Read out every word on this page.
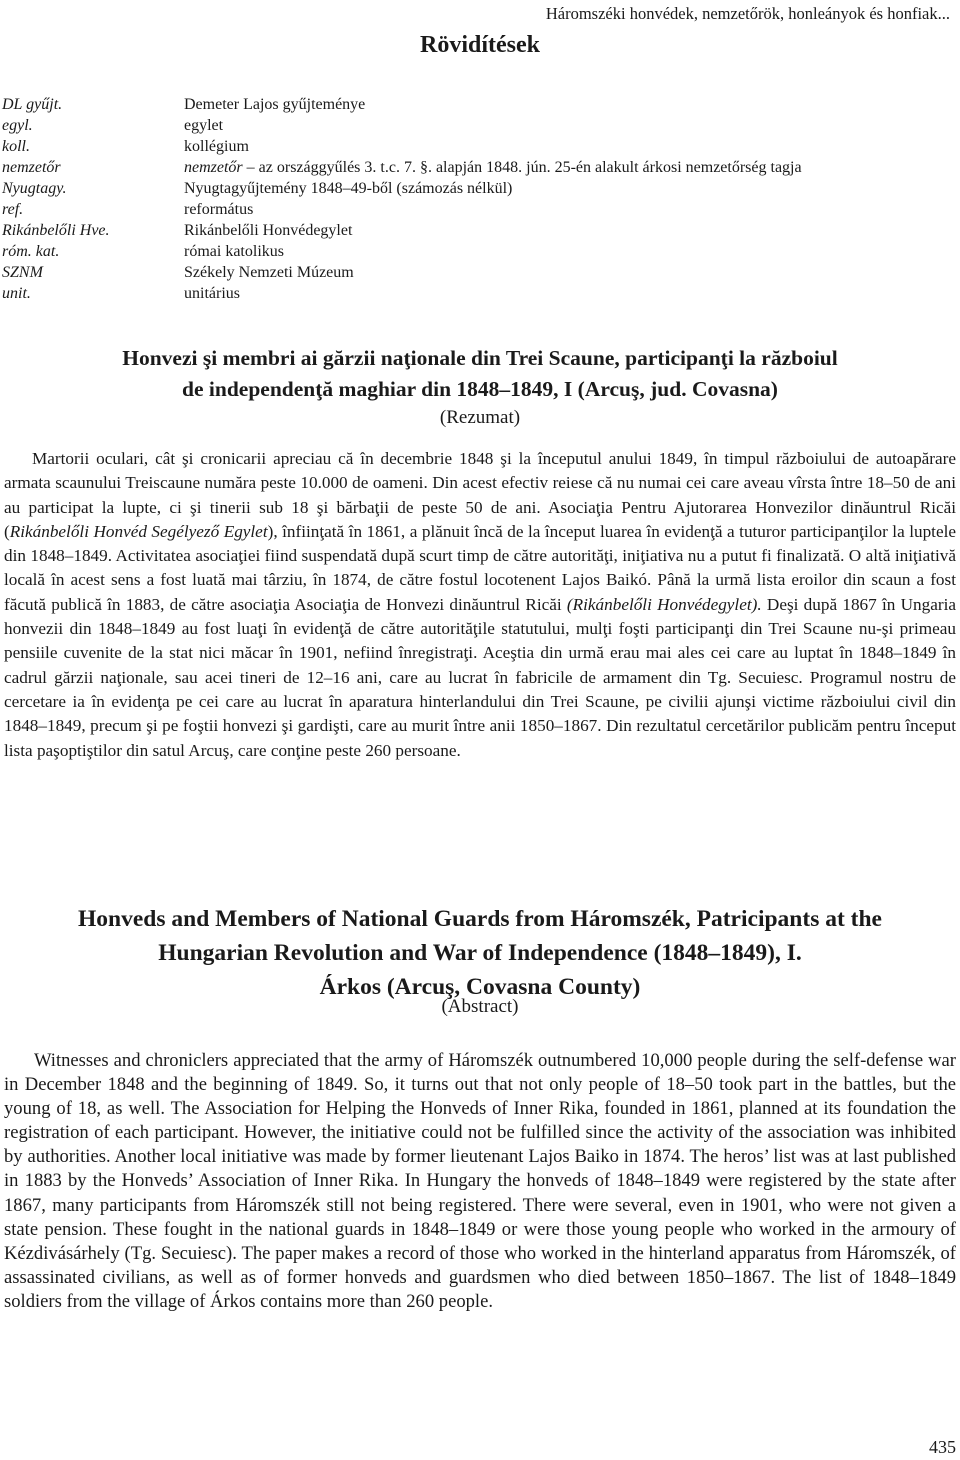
Háromszéki honvédek, nemzetőrök, honleányok és honfiak...
Rövidítések
DL gyűjt.	Demeter Lajos gyűjteménye
egyl.	egylet
koll.	kollégium
nemzetőr	nemzetőr – az országgyűlés 3. t.c. 7. §. alapján 1848. jún. 25-én alakult árkosi nemzetőrség tagja
Nyugtagy.	Nyugtagyűjtemény 1848–49-ből (számozás nélkül)
ref.	református
Rikánbelőli Hve.	Rikánbelőli Honvédegylet
róm. kat.	római katolikus
SZNM	Székely Nemzeti Múzeum
unit.	unitárius
Honvezi şi membri ai gărzii naţionale din Trei Scaune, participanţi la războiul
de independenţă maghiar din 1848–1849, I (Arcuş, jud. Covasna)
(Rezumat)

Martorii oculari, cât şi cronicarii apreciau că în decembrie 1848 şi la începutul anului 1849, în timpul războiului de autoapărare armata scaunului Treiscaune număra peste 10.000 de oameni. Din acest efectiv reiese că nu numai cei care aveau vîrsta între 18–50 de ani au participat la lupte, ci şi tinerii sub 18 şi bărbaţii de peste 50 de ani. Asociaţia Pentru Ajutorarea Honvezilor dinăuntrul Ricăi (Rikánbelőli Honvéd Segélyező Egylet), înfiinţată în 1861, a plănuit încă de la început luarea în evidenţă a tuturor participanţilor la luptele din 1848–1849. Activitatea asociaţiei fiind suspendată după scurt timp de către autorităţi, iniţiativa nu a putut fi finalizată. O altă iniţiativă locală în acest sens a fost luată mai târziu, în 1874, de către fostul locotenent Lajos Baikó. Până la urmă lista eroilor din scaun a fost făcută publică în 1883, de către asociaţia Asociaţia de Honvezi dinăuntrul Ricăi (Rikánbelőli Honvédegylet). Deşi după 1867 în Ungaria honvezii din 1848–1849 au fost luaţi în evidenţă de către autorităţile statutului, mulţi foşti participanţi din Trei Scaune nu-şi primeau pensiile cuvenite de la stat nici măcar în 1901, nefiind înregistraţi. Aceştia din urmă erau mai ales cei care au luptat în 1848–1849 în cadrul gărzii naţionale, sau acei tineri de 12–16 ani, care au lucrat în fabricile de armament din Tg. Secuiesc. Programul nostru de cercetare ia în evidenţa pe cei care au lucrat în aparatura hinterlandului din Trei Scaune, pe civilii ajunşi victime războiului civil din 1848–1849, precum şi pe foştii honvezi şi gardişti, care au murit între anii 1850–1867. Din rezultatul cercetărilor publicăm pentru început lista paşoptiştilor din satul Arcuş, care conţine peste 260 persoane.

Honveds and Members of National Guards from Háromszék, Patricipants at the
Hungarian Revolution and War of Independence (1848–1849), I.
Árkos (Arcuş, Covasna County)
(Abstract)

Witnesses and chroniclers appreciated that the army of Háromszék outnumbered 10,000 people during the self-defense war in December 1848 and the beginning of 1849. So, it turns out that not only people of 18–50 took part in the battles, but the young of 18, as well. The Association for Helping the Honveds of Inner Rika, founded in 1861, planned at its foundation the registration of each participant. However, the initiative could not be fulfilled since the activity of the association was inhibited by authorities. Another local initiative was made by former lieutenant Lajos Baiko in 1874. The heros’ list was at last published in 1883 by the Honveds’ Association of Inner Rika. In Hungary the honveds of 1848–1849 were registered by the state after 1867, many participants from Háromszék still not being registered. There were several, even in 1901, who were not given a state pension. These fought in the national guards in 1848–1849 or were those young people who worked in the armoury of Kézdivásárhely (Tg. Secuiesc). The paper makes a record of those who worked in the hinterland apparatus from Háromszék, of assassinated civilians, as well as of former honveds and guardsmen who died between 1850–1867. The list of 1848–1849 soldiers from the village of Árkos contains more than 260 people.

435
